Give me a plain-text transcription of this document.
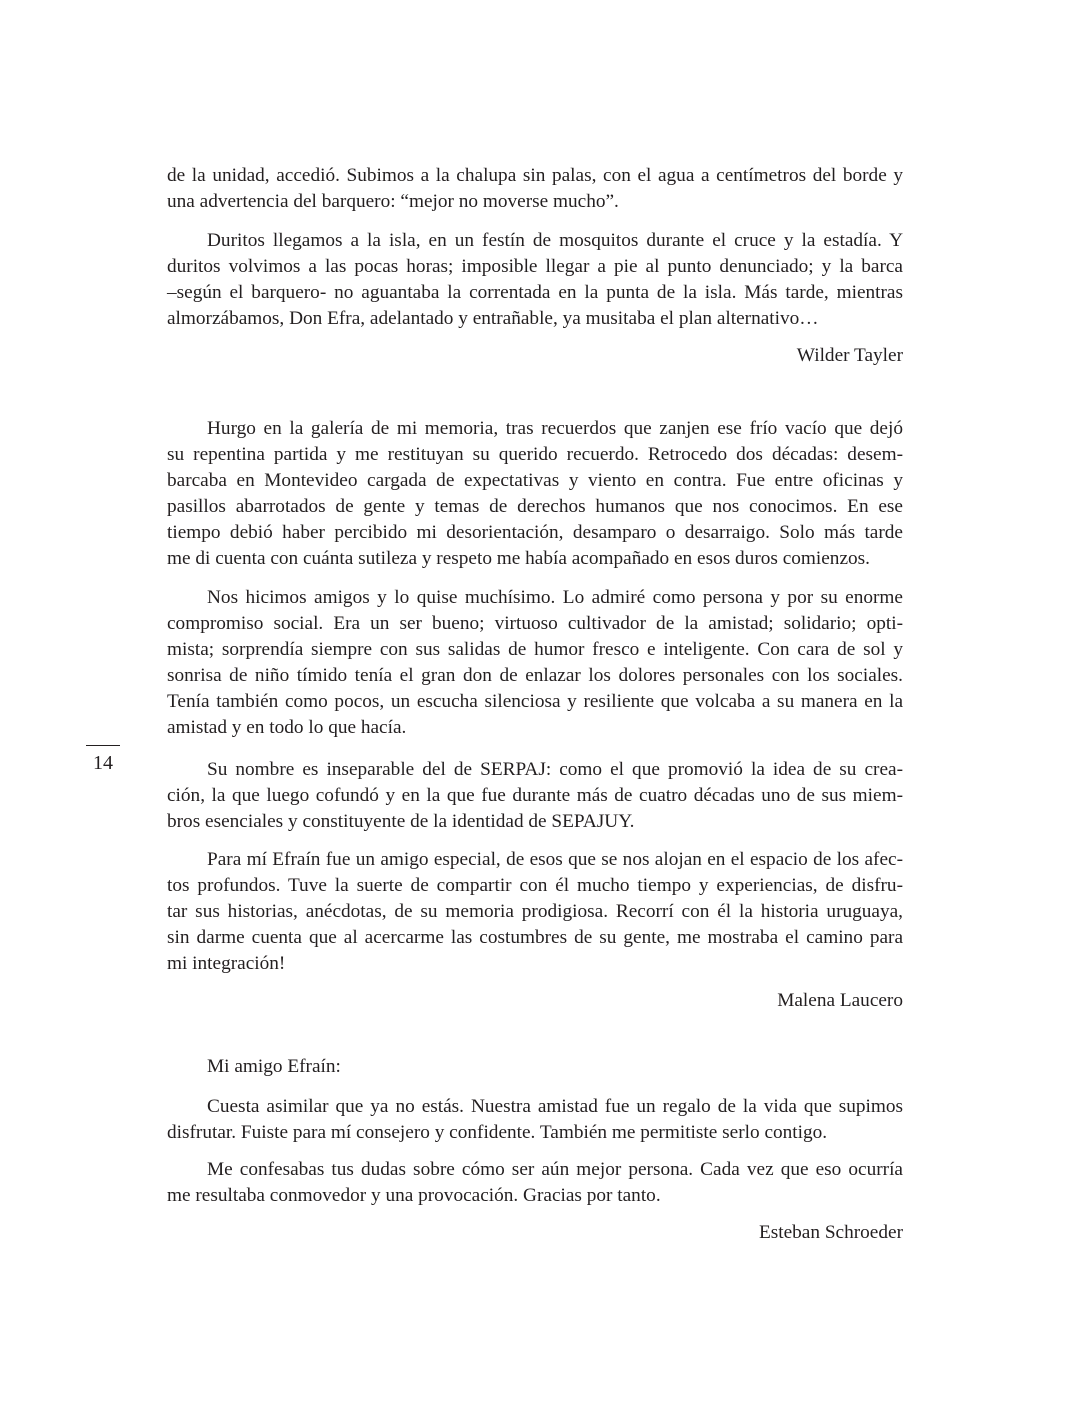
14
de la unidad, accedió. Subimos a la chalupa sin palas, con el agua a centímetros del borde y
una advertencia del barquero: “mejor no moverse mucho”.
Duritos llegamos a la isla, en un festín de mosquitos durante el cruce y la estadía. Y
duritos volvimos a las pocas horas; imposible llegar a pie al punto denunciado; y la barca
–según el barquero- no aguantaba la correntada en la punta de la isla. Más tarde, mientras
almorzábamos, Don Efra, adelantado y entrañable, ya musitaba el plan alternativo…
Wilder Tayler
Hurgo en la galería de mi memoria, tras recuerdos que zanjen ese frío vacío que dejó
su repentina partida y me restituyan su querido recuerdo. Retrocedo dos décadas: desem-
barcaba en Montevideo cargada de expectativas y viento en contra. Fue entre oficinas y
pasillos abarrotados de gente y temas de derechos humanos que nos conocimos. En ese
tiempo debió haber percibido mi desorientación, desamparo o desarraigo. Solo más tarde
me di cuenta con cuánta sutileza y respeto me había acompañado en esos duros comienzos.
Nos hicimos amigos y lo quise muchísimo. Lo admiré como persona y por su enorme
compromiso social. Era un ser bueno; virtuoso cultivador de la amistad; solidario; opti-
mista; sorprendía siempre con sus salidas de humor fresco e inteligente. Con cara de sol y
sonrisa de niño tímido tenía el gran don de enlazar los dolores personales con los sociales.
Tenía también como pocos, un escucha silenciosa y resiliente que volcaba a su manera en la
amistad y en todo lo que hacía.
Su nombre es inseparable del de SERPAJ: como el que promovió la idea de su crea-
ción, la que luego cofundó y en la que fue durante más de cuatro décadas uno de sus miem-
bros esenciales y constituyente de la identidad de SEPAJUY.
Para mí Efraín fue un amigo especial, de esos que se nos alojan en el espacio de los afec-
tos profundos. Tuve la suerte de compartir con él mucho tiempo y experiencias, de disfru-
tar sus historias, anécdotas, de su memoria prodigiosa. Recorrí con él la historia uruguaya,
sin darme cuenta que al acercarme las costumbres de su gente, me mostraba el camino para
mi integración!
Malena Laucero
Mi amigo Efraín:
Cuesta asimilar que ya no estás. Nuestra amistad fue un regalo de la vida que supimos
disfrutar. Fuiste para mí consejero y confidente. También me permitiste serlo contigo.
Me confesabas tus dudas sobre cómo ser aún mejor persona. Cada vez que eso ocurría
me resultaba conmovedor y una provocación. Gracias por tanto.
Esteban Schroeder
